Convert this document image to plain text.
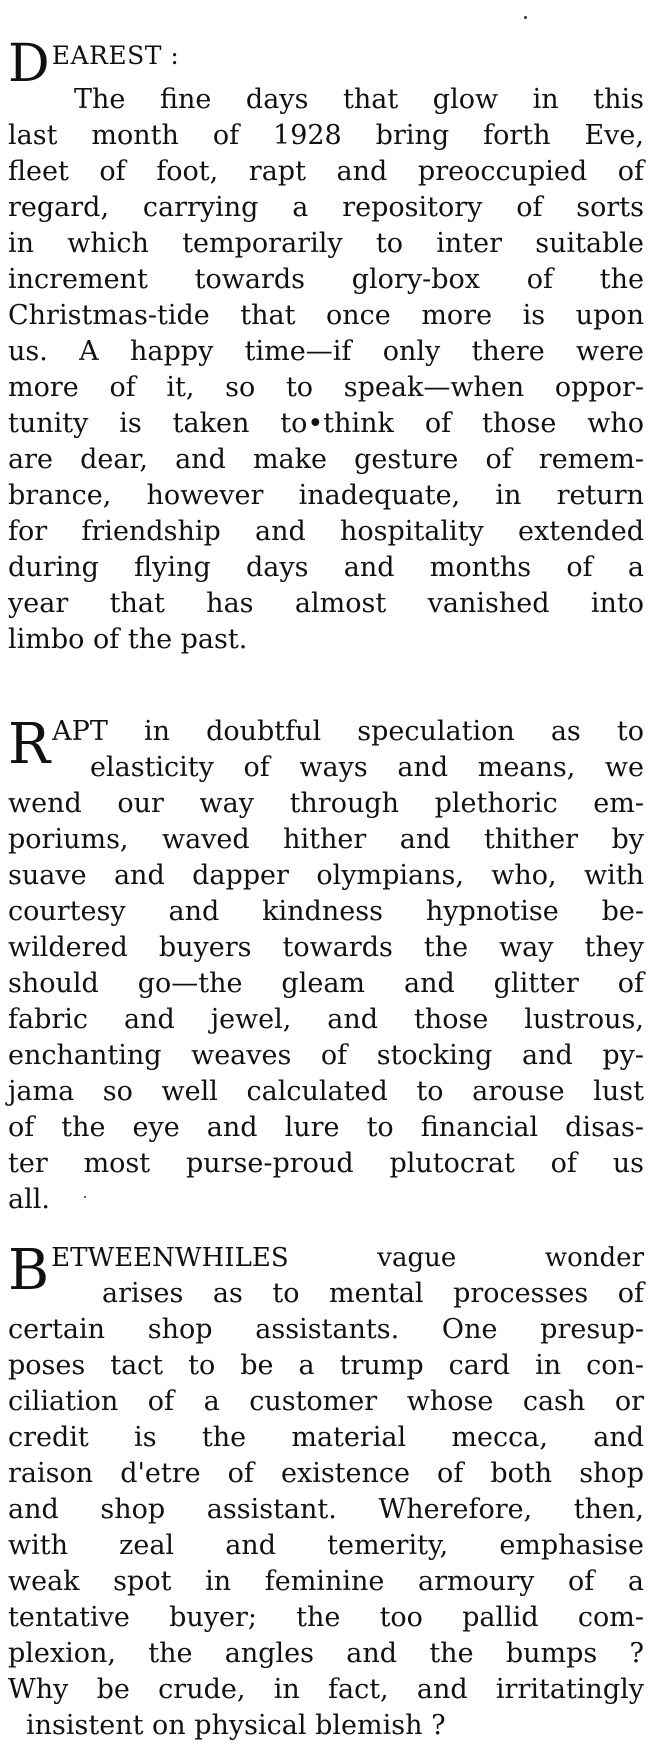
DEAREST :
The fine days that glow in this
last month of 1928 bring forth Eve,
fleet of foot, rapt and preoccupied of
regard, carrying a repository of sorts
in which temporarily to inter suitable
increment towards glory-box of the
Christmas-tide that once more is upon
us. A happy time—if only there were
more of it, so to speak—when oppor-
tunity is taken to•think of those who
are dear, and make gesture of remem-
brance, however inadequate, in return
for friendship and hospitality extended
during flying days and months of a
year that has almost vanished into
limbo of the past.
R APT in doubtful speculation as to
elasticity of ways and means, we
wend our way through plethoric em-
poriums, waved hither and thither by
suave and dapper olympians, who, with
courtesy and kindness hypnotise be-
wildered buyers towards the way they
should go—the gleam and glitter of
fabric and jewel, and those lustrous,
enchanting weaves of stocking and py-
jama so well calculated to arouse lust
of the eye and lure to financial disas-
ter most purse-proud plutocrat of us
all.
B ETWEENWHILES vague wonder
arises as to mental processes of
certain shop assistants. One presup-
poses tact to be a trump card in con-
ciliation of a customer whose cash or
credit is the material mecca, and
raison d'etre of existence of both shop
and shop assistant. Wherefore, then,
with zeal and temerity, emphasise
weak spot in feminine armoury of a
tentative buyer; the too pallid com-
plexion, the angles and the bumps ?
Why be crude, in fact, and irritatingly
insistent on physical blemish ?
